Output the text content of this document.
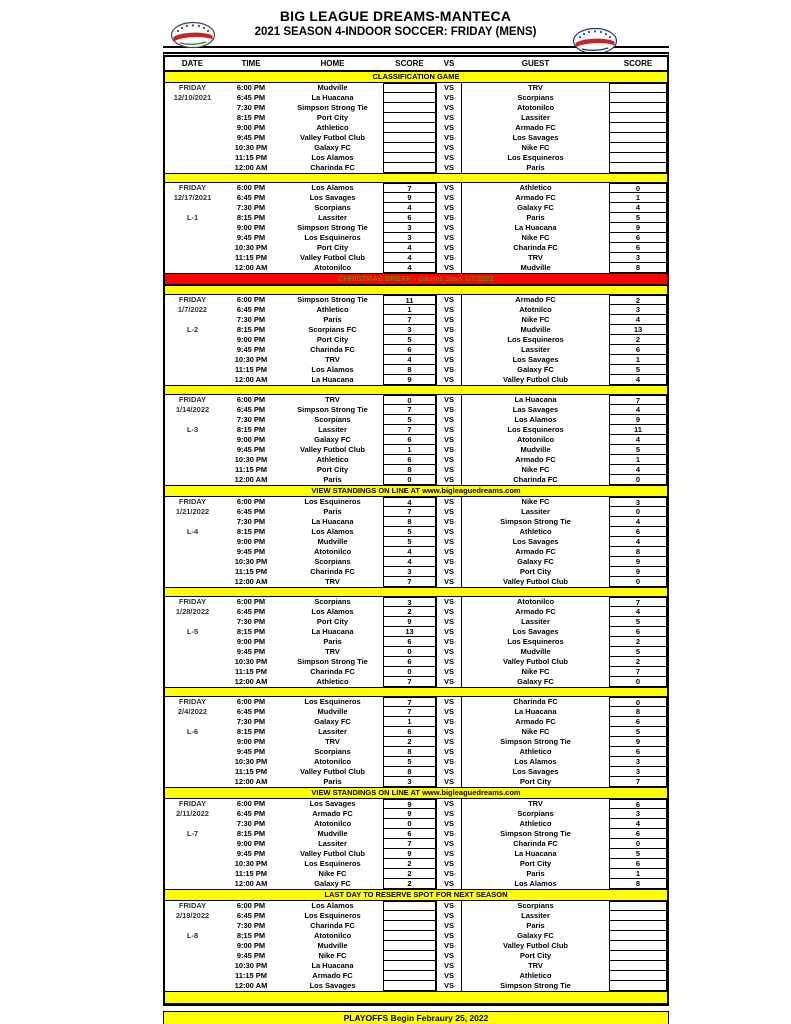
BIG LEAGUE DREAMS-MANTECA
2021 SEASON 4-INDOOR SOCCER: FRIDAY (MENS)
DATE	TIME	HOME	SCORE	VS	GUEST	SCORE
CLASSIFICATION GAME
FRIDAY	6:00 PM	Mudville	VS	TRV
12/10/2021	6:45 PM	La Huacana	VS	Scorpians
7:30 PM	Simpson Strong Tie	VS	Atotonilco
8:15 PM	Port City	VS	Lassiter
9:00 PM	Athletico	VS	Armado FC
9:45 PM	Valley Futbol Club	VS	Los Savages
10:30 PM	Galaxy FC	VS	Nike FC
11:15 PM	Los Alamos	VS	Los Esquineros
12:00 AM	Charinda FC	VS	Paris
FRIDAY	6:00 PM	Los Alamos	7	VS	Athletico	0
12/17/2021	6:45 PM	Los Savages	9	VS	Armado FC	1
7:30 PM	Scorpians	4	VS	Galaxy FC	4
L-1	8:15 PM	Lassiter	6	VS	Paris	5
9:00 PM	Simpson Strong Tie	3	VS	La Huacana	9
9:45 PM	Los Esquineros	3	VS	Nike FC	6
10:30 PM	Port City	4	VS	Charinda FC	6
11:15 PM	Valley Futbol Club	4	VS	TRV	3
12:00 AM	Atotonilco	4	VS	Mudville	8
CHRISTMAS BREAK - Games Start 1/7/2022
FRIDAY	6:00 PM	Simpson Strong Tie	11	VS	Armado FC	2
1/7/2022	6:45 PM	Athletico	1	VS	Atotnilco	3
7:30 PM	Paris	7	VS	Nike FC	4
L-2	8:15 PM	Scorpians FC	3	VS	Mudville	13
9:00 PM	Port City	5	VS	Los Esquineros	2
9:45 PM	Charinda FC	6	VS	Lassiter	6
10:30 PM	TRV	4	VS	Los Savages	1
11:15 PM	Los Alamos	8	VS	Galaxy FC	5
12:00 AM	La Huacana	9	VS	Valley Futbol Club	4
FRIDAY	6:00 PM	TRV	0	VS	La Huacana	7
1/14/2022	6:45 PM	Simpson Strong Tie	7	VS	Las Savages	4
7:30 PM	Scorpians	5	VS	Los Alamos	9
L-3	8:15 PM	Lassiter	7	VS	Los Esquineros	11
9:00 PM	Galaxy FC	6	VS	Atotonilco	4
9:45 PM	Valley Futbol Club	1	VS	Mudville	5
10:30 PM	Athletico	6	VS	Armado FC	1
11:15 PM	Port City	8	VS	Nike FC	4
12:00 AM	Paris	0	VS	Charinda FC	0
VIEW STANDINGS ON LINE AT www.bigleaguedreams.com
FRIDAY	6:00 PM	Los Esquineros	4	VS	Nike FC	3
1/21/2022	6:45 PM	Paris	7	VS	Lassiter	0
7:30 PM	La Huacana	8	VS	Simpson Strong Tie	4
L-4	8:15 PM	Los Alamos	5	VS	Athletico	6
9:00 PM	Mudville	5	VS	Los Savages	4
9:45 PM	Atotonilco	4	VS	Armado FC	8
10:30 PM	Scorpians	4	VS	Galaxy FC	9
11:15 PM	Charinda FC	3	VS	Port City	9
12:00 AM	TRV	7	VS	Valley Futbol Club	0
FRIDAY	6:00 PM	Scorpians	3	VS	Atotonilco	7
1/28/2022	6:45 PM	Los Alamos	2	VS	Armado FC	4
7:30 PM	Port City	9	VS	Lassiter	5
L-5	8:15 PM	La Huacana	13	VS	Los Savages	6
9:00 PM	Paris	6	VS	Los Esquineros	2
9:45 PM	TRV	0	VS	Mudville	5
10:30 PM	Simpson Strong Tie	6	VS	Valley Futbol Club	2
11:15 PM	Charinda FC	0	VS	Nike FC	7
12:00 AM	Athletico	7	VS	Galaxy FC	0
FRIDAY	6:00 PM	Los Esquineros	7	VS	Charinda FC	0
2/4/2022	6:45 PM	Mudville	7	VS	La Huacana	8
7:30 PM	Galaxy FC	1	VS	Armado FC	6
L-6	8:15 PM	Lassiter	6	VS	Nike FC	5
9:00 PM	TRV	2	VS	Simpson Strong Tie	9
9:45 PM	Scorpians	8	VS	Athletico	6
10:30 PM	Atotonilco	5	VS	Los Alamos	3
11:15 PM	Valley Futbol Club	8	VS	Los Savages	3
12:00 AM	Paris	3	VS	Port City	7
VIEW STANDINGS ON LINE AT www.bigleaguedreams.com
FRIDAY	6:00 PM	Los Savages	9	VS	TRV	6
2/11/2022	6:45 PM	Armado FC	9	VS	Scorpians	3
7:30 PM	Atotonilco	0	VS	Athletico	4
L-7	8:15 PM	Mudville	6	VS	Simpson Strong Tie	6
9:00 PM	Lassiter	7	VS	Charinda FC	0
9:45 PM	Valley Futbol Club	9	VS	La Huacana	5
10:30 PM	Los Esquineros	2	VS	Port City	6
11:15 PM	Nike FC	2	VS	Paris	1
12:00 AM	Galaxy FC	2	VS	Los Alamos	8
LAST DAY TO RESERVE SPOT FOR NEXT SEASON
FRIDAY	6:00 PM	Los Alamos	VS	Scorpians
2/18/2022	6:45 PM	Los Esquineros	VS	Lassiter
7:30 PM	Charinda FC	VS	Paris
L-8	8:15 PM	Atotonilco	VS	Galaxy FC
9:00 PM	Mudville	VS	Valley Futbol Club
9:45 PM	Nike FC	VS	Port City
10:30 PM	La Huacana	VS	TRV
11:15 PM	Armado FC	VS	Athletico
12:00 AM	Los Savages	VS	Simpson Strong Tie
PLAYOFFS Begin Febraury 25, 2022
